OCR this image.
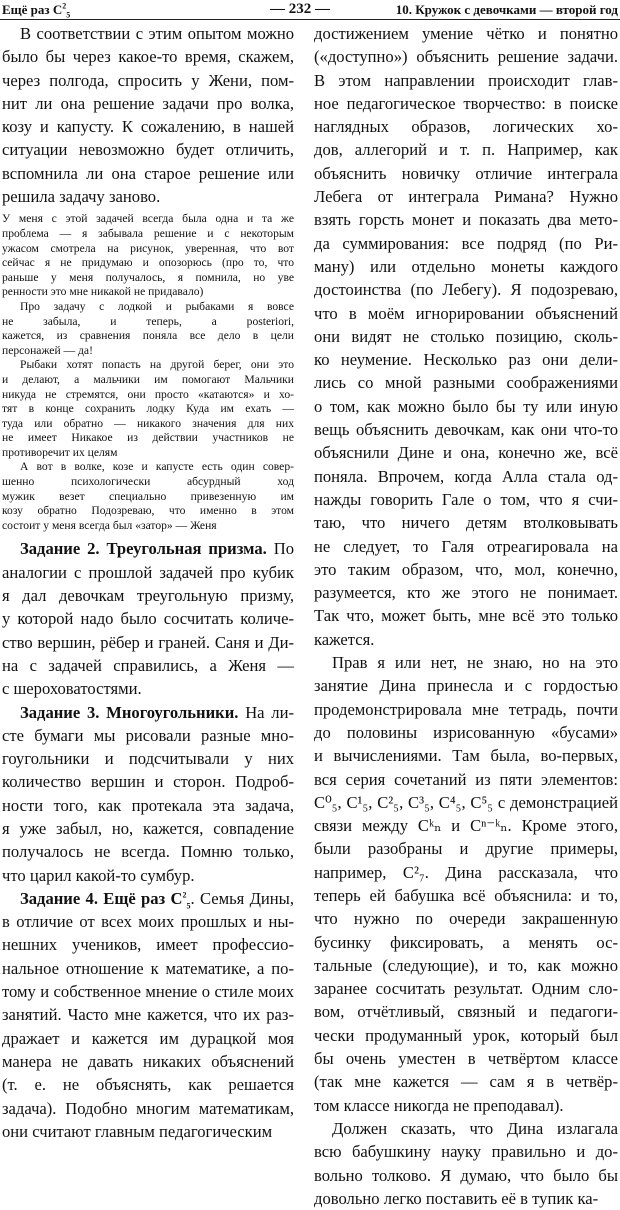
Ещё раз $C^2_5$	— 232 —	10. Кружок с девочками — второй год
В соответствии с этим опытом можно
было бы через какое-то время, скажем,
через полгода, спросить у Жени, пом-
нит ли она решение задачи про волка,
козу и капусту. К сожалению, в нашей
ситуации невозможно будет отличить,
вспомнила ли она старое решение или
решила задачу заново.
У меня с этой задачей всегда была одна и та же
проблема — я забывала решение и с некоторым
ужасом смотрела на рисунок, уверенная, что вот
сейчас я не придумаю и опозорюсь (про то, что
раньше у меня получалось, я помнила, но уве
ренности это мне никакой не придавало)
Про задачу с лодкой и рыбаками я вовсе
не забыла, и теперь, а posteriori,
кажется, из сравнения поняла все дело в цели
персонажей — да!
Рыбаки хотят попасть на другой берег, они это
и делают, а мальчики им помогают Мальчики
никуда не стремятся, они просто «катаются» и хо-
тят в конце сохранить лодку Куда им ехать —
туда или обратно — никакого значения для них
не имеет Никакое из действии участников не
противоречит их целям
А вот в волке, козе и капусте есть один совер-
шенно психологически абсурдный ход
мужик везет специально привезенную им
козу обратно Подозреваю, что именно в этом
состоит у меня всегда был «затор» — Женя
Задание 2. Треугольная призма. По
аналогии с прошлой задачей про кубик
я дал девочкам треугольную призму,
у которой надо было сосчитать количе-
ство вершин, рёбер и граней. Саня и Ди-
на с задачей справились, а Женя —
с шероховатостями.
Задание 3. Многоугольники. На ли-
сте бумаги мы рисовали разные мно-
гоугольники и подсчитывали у них
количество вершин и сторон. Подроб-
ности того, как протекала эта задача,
я уже забыл, но, кажется, совпадение
получалось не всегда. Помню только,
что царил какой-то сумбур.
Задание 4. Ещё раз $C^2_5$. Семья Дины,
в отличие от всех моих прошлых и ны-
нешних учеников, имеет профессио-
нальное отношение к математике, а по-
тому и собственное мнение о стиле моих
занятий. Часто мне кажется, что их раз-
дражает и кажется им дурацкой моя
манера не давать никаких объяснений
(т. е. не объяснять, как решается
задача). Подобно многим математикам,
они считают главным педагогическим
достижением умение чётко и понятно
(«доступно») объяснить решение задачи.
В этом направлении происходит глав-
ное педагогическое творчество: в поиске
наглядных образов, логических хо-
дов, аллегорий и т. п. Например, как
объяснить новичку отличие интеграла
Лебега от интеграла Римана? Нужно
взять горсть монет и показать два мето-
да суммирования: все подряд (по Ри-
ману) или отдельно монеты каждого
достоинства (по Лебегу). Я подозреваю,
что в моём игнорировании объяснений
они видят не столько позицию, сколь-
ко неумение. Несколько раз они дели-
лись со мной разными соображениями
о том, как можно было бы ту или иную
вещь объяснить девочкам, как они что-то
объяснили Дине и она, конечно же, всё
поняла. Впрочем, когда Алла стала од-
нажды говорить Гале о том, что я счи-
таю, что ничего детям втолковывать
не следует, то Галя отреагировала на
это таким образом, что, мол, конечно,
разумеется, кто же этого не понимает.
Так что, может быть, мне всё это только
кажется.
Прав я или нет, не знаю, но на это
занятие Дина принесла и с гордостью
продемонстрировала мне тетрадь, почти
до половины изрисованную «бусами»
и вычислениями. Там была, во-первых,
вся серия сочетаний из пяти элементов:
C⁰₅, C¹₅, C²₅, C³₅, C⁴₅, C⁵₅ с демонстрацией
связи между Cᵏₙ и Cⁿ⁻ᵏₙ. Кроме этого,
были разобраны и другие примеры,
например, C²₇. Дина рассказала, что
теперь ей бабушка всё объяснила: и то,
что нужно по очереди закрашенную
бусинку фиксировать, а менять ос-
тальные (следующие), и то, как можно
заранее сосчитать результат. Одним сло-
вом, отчётливый, связный и педагоги-
чески продуманный урок, который был
бы очень уместен в четвёртом классе
(так мне кажется — сам я в четвёр-
том классе никогда не преподавал).
Должен сказать, что Дина излагала
всю бабушкину науку правильно и до-
вольно толково. Я думаю, что было бы
довольно легко поставить её в тупик ка-
